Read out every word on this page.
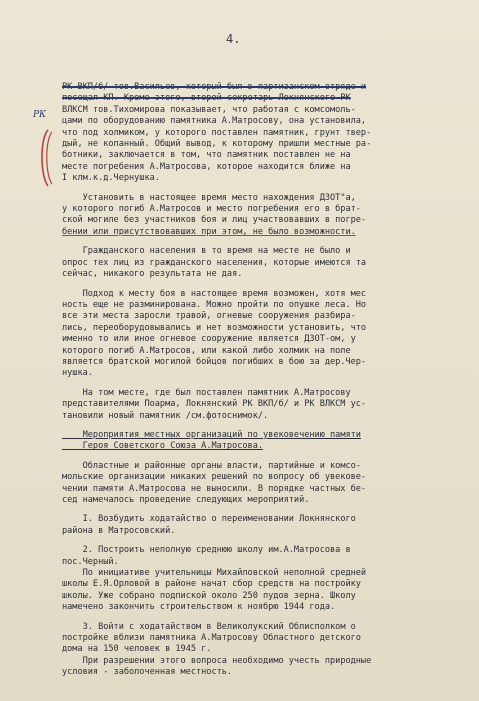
4.
РК
РК ВКП/б/ тов.Васильев, который был в партизанском отряде и
посещал КП. Кроме этого, второй секретарь Локнянского РК
ВЛКСМ тов.Тихомирова показывает, что работая с комсомоль-
цами по оборудованию памятника А.Матросову, она установила,
что под холмиком, у которого поставлен памятник, грунт твер-
дый, не копанный. Общий вывод, к которому пришли местные ра-
ботники, заключается в том, что памятник поставлен не на
месте погребения А.Матросова, которое находится ближе на
I клм.к.д.Чернушка.
Установить в настоящее время место нахождения ДЗОТ"а,
у которого погиб А.Матросов и место погребения его в брат-
ской могиле без участников боя и лиц участвовавших в погре-
бении или присутствовавших при этом, не было возможности.
Гражданского населения в то время на месте не было и
опрос тех лиц из гражданского населения, которые имеются та
сейчас, никакого результата не дая.
Подход к месту боя в настоящее время возможен, хотя мес
ность еще не разминирована. Можно пройти по опушке леса. Но
все эти места заросли травой, огневые сооружения разбира-
лись, переоборудовывались и нет возможности установить, что
именно то или иное огневое сооружение является ДЗОТ-ом, у
которого погиб А.Матросов, или какой либо холмик на поле
является братской могилой бойцов погибших в бою за дер.Чер-
нушка.
На том месте, где был поставлен памятник А.Матросову
представителями Поарма, Локнянский РК ВКП/б/ и РК ВЛКСМ ус-
тановили новый памятник /см.фотоснимок/.
Мероприятия местных организаций по увековечению памяти
Героя Советского Союза А.Матросова.
Областные и районные органы власти, партийные и комсо-
мольские организации никаких решений по вопросу об увекове-
чении памяти А.Матросова не выносили. В порядке частных бе-
сед намечалось проведение следующих мероприятий.
I. Возбудить ходатайство о переименовании Локнянского
района в Матросовский.
2. Построить неполную среднюю школу им.А.Матросова в
пос.Черный.
По инициативе учительницы Михайловской неполной средней
школы Е.Я.Орловой в районе начат сбор средств на постройку
школы. Уже собрано подпиской около 250 пудов зерна. Школу
намечено закончить строительством к ноябрю 1944 года.
3. Войти с ходатайством в Великолукский Облисполком о
постройке вблизи памятника А.Матросову Областного детского
дома на 150 человек в 1945 г.
При разрешении этого вопроса необходимо учесть природные
условия - заболоченная местность.
